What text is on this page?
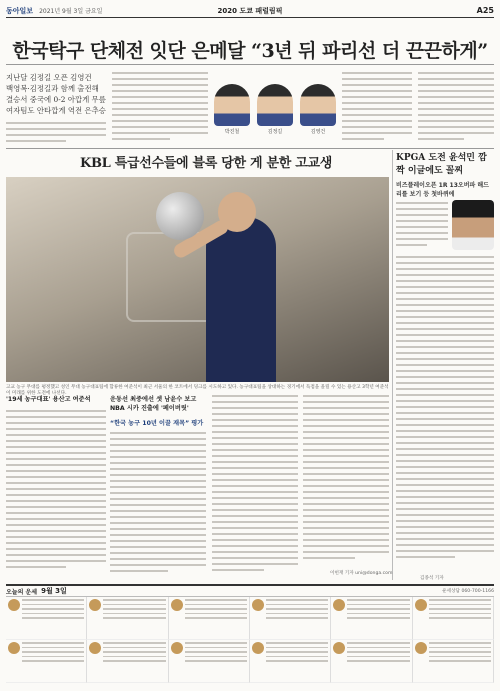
동아일보 2021년 9월 3일 금요일	2020 도쿄 패럴림픽	A25
한국탁구 단체전 잇단 은메달 “3년 뒤 파리선 더 끈끈하게”
지난달 김정길 오픈 김영건
백영복·김정길과 함께 출전해
결승서 중국에 0-2 아깝게 무릎
여자팀도 안타깝게 역전 은추승
박진철	김정길	김영건
KBL 특급선수들에 블록 당한 게 분한 고교생
고교 농구 무대를 평정했고 성인 무대 농구대표팀에 합류한 여준석이 최근 서울의 한 코트에서 덩크를 시도하고 있다. 농구대표팀을 상대하는 경기에서 득점을 올릴 수 있는 용산고 3학년 여준석이 미래를 위한 도전에 나선다.
KPGA 도전 윤석민 깜짝 이글에도 꼴찌
비즈플레이오픈 1R 13오버파 해드리를 보기 등 첫바퀴에
김종석 기자
'19세 농구대표' 용산고 여준석	운동선 최중에선 셋 남윤수 보고 NBA 시카 진출에 '페이버릿'
“한국 농구 10년 이끌 재목” 평가
이헌재 기자 uni@donga.com
오늘의 운세 9월 3일	운세상담 060-700-1166
